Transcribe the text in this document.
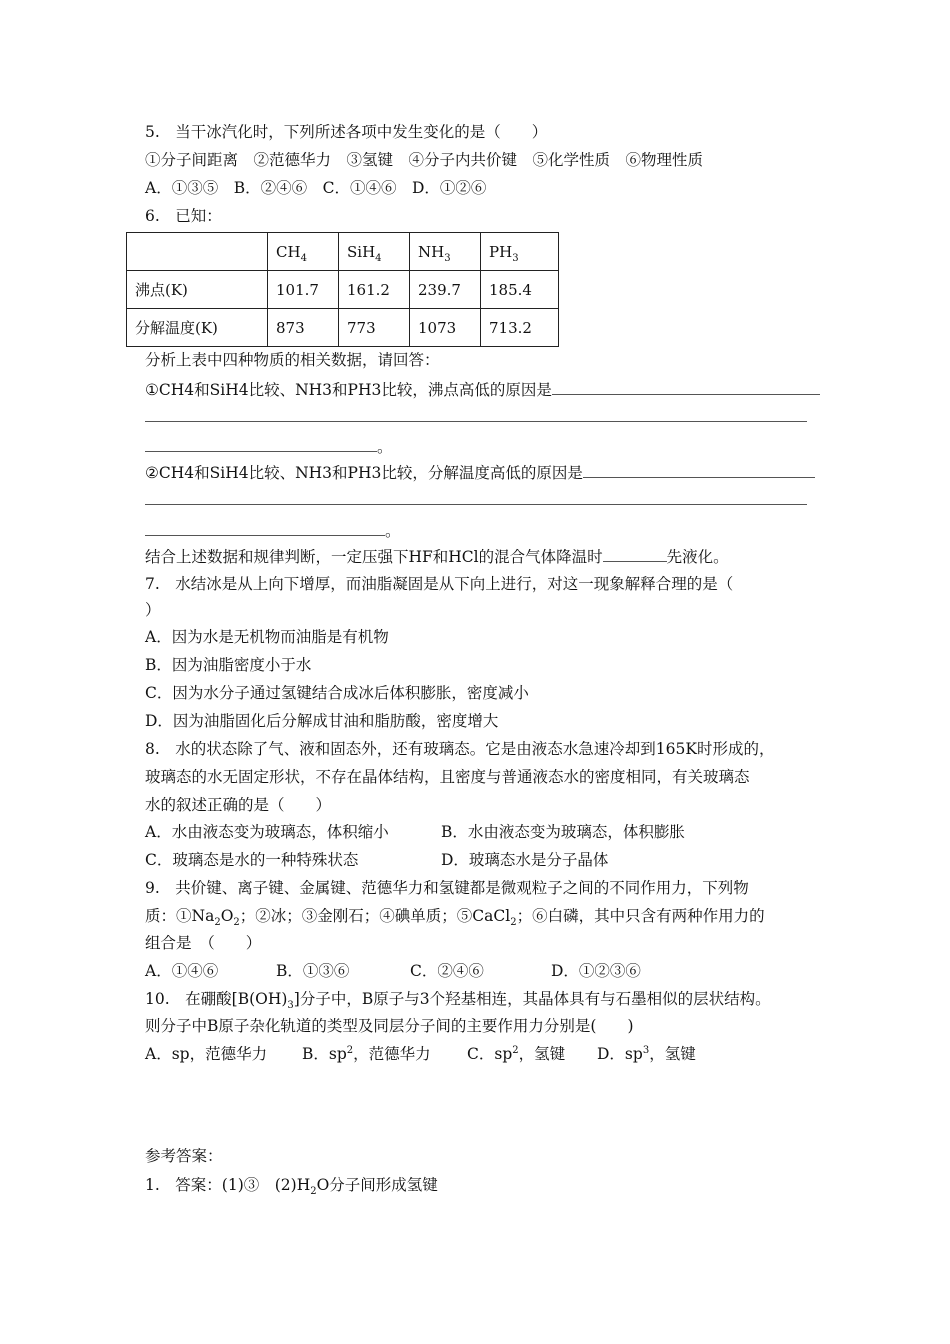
5.　当干冰汽化时，下列所述各项中发生变化的是（　　）
①分子间距离　②范德华力　③氢键　④分子内共价键　⑤化学性质　⑥物理性质
A．①③⑤　B．②④⑥　C．①④⑥　D．①②⑥
6.　已知：
	$CH_4$	SiH$_4$	$NH_3$	$PH_3$
沸点(K)	101.7	161.2	239.7	185.4
分解温度(K)	873	773	1073	713.2
分析上表中四种物质的相关数据，请回答：
①CH4和SiH4比较、NH3和PH3比较，沸点高低的原因是
。
②CH4和SiH4比较、NH3和PH3比较，分解温度高低的原因是
。
结合上述数据和规律判断，一定压强下HF和HCl的混合气体降温时	先液化。
7.　水结冰是从上向下增厚，而油脂凝固是从下向上进行，对这一现象解释合理的是（
）
A．因为水是无机物而油脂是有机物
B．因为油脂密度小于水
C．因为水分子通过氢键结合成冰后体积膨胀，密度减小
D．因为油脂固化后分解成甘油和脂肪酸，密度增大
8.　水的状态除了气、液和固态外，还有玻璃态。它是由液态水急速冷却到165K时形成的，
玻璃态的水无固定形状，不存在晶体结构，且密度与普通液态水的密度相同，有关玻璃态
水的叙述正确的是（　　）
A．水由液态变为玻璃态，体积缩小	B．水由液态变为玻璃态，体积膨胀
C．玻璃态是水的一种特殊状态	D．玻璃态水是分子晶体
9.　共价键、离子键、金属键、范德华力和氢键都是微观粒子之间的不同作用力，下列物
质：$①Na_2O_2$；②冰；③金刚石；④碘单质；⑤CaCl$_2$；⑥白磷，其中只含有两种作用力的
组合是　（　　）
A．①④⑥	B．①③⑥	C．②④⑥	D．①②③⑥
10.　在硼酸$[B(OH)_3]$分子中，B原子与3个羟基相连，其晶体具有与石墨相似的层状结构。
则分子中B原子杂化轨道的类型及同层分子间的主要作用力分别是(　　)
A．sp，范德华力 B．$sp^2$，范德华力 C．$sp^2$，氢键 D．$sp^3$，氢键
参考答案：
1.　答案：(1)③　$(2)H_2O$分子间形成氢键
